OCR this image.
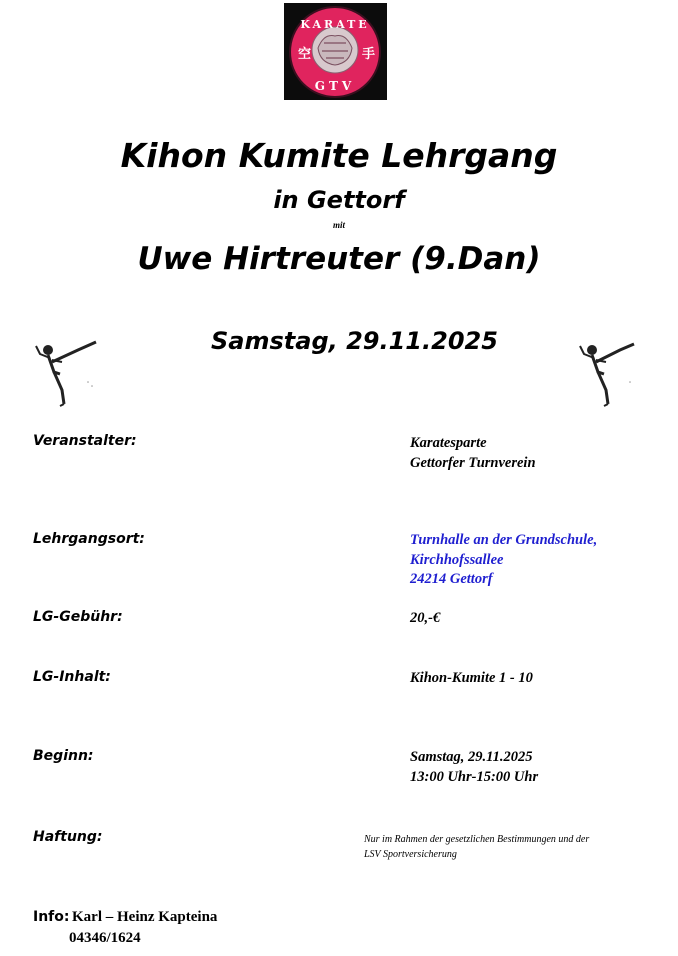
KARATE
GTV
空	手
Kihon Kumite Lehrgang
in Gettorf
mit
Uwe Hirtreuter (9.Dan)
Samstag, 29.11.2025
Veranstalter:	Karatesparte
Gettorfer Turnverein
Lehrgangsort:	Turnhalle an der Grundschule,
Kirchhofssallee
24214 Gettorf
LG-Gebühr:	20,-€
LG-Inhalt:	Kihon-Kumite 1 - 10
Beginn:	Samstag, 29.11.2025
13:00 Uhr-15:00 Uhr
Haftung:	Nur im Rahmen der gesetzlichen Bestimmungen und der
LSV Sportversicherung
Info: Karl – Heinz Kapteina
04346/1624
